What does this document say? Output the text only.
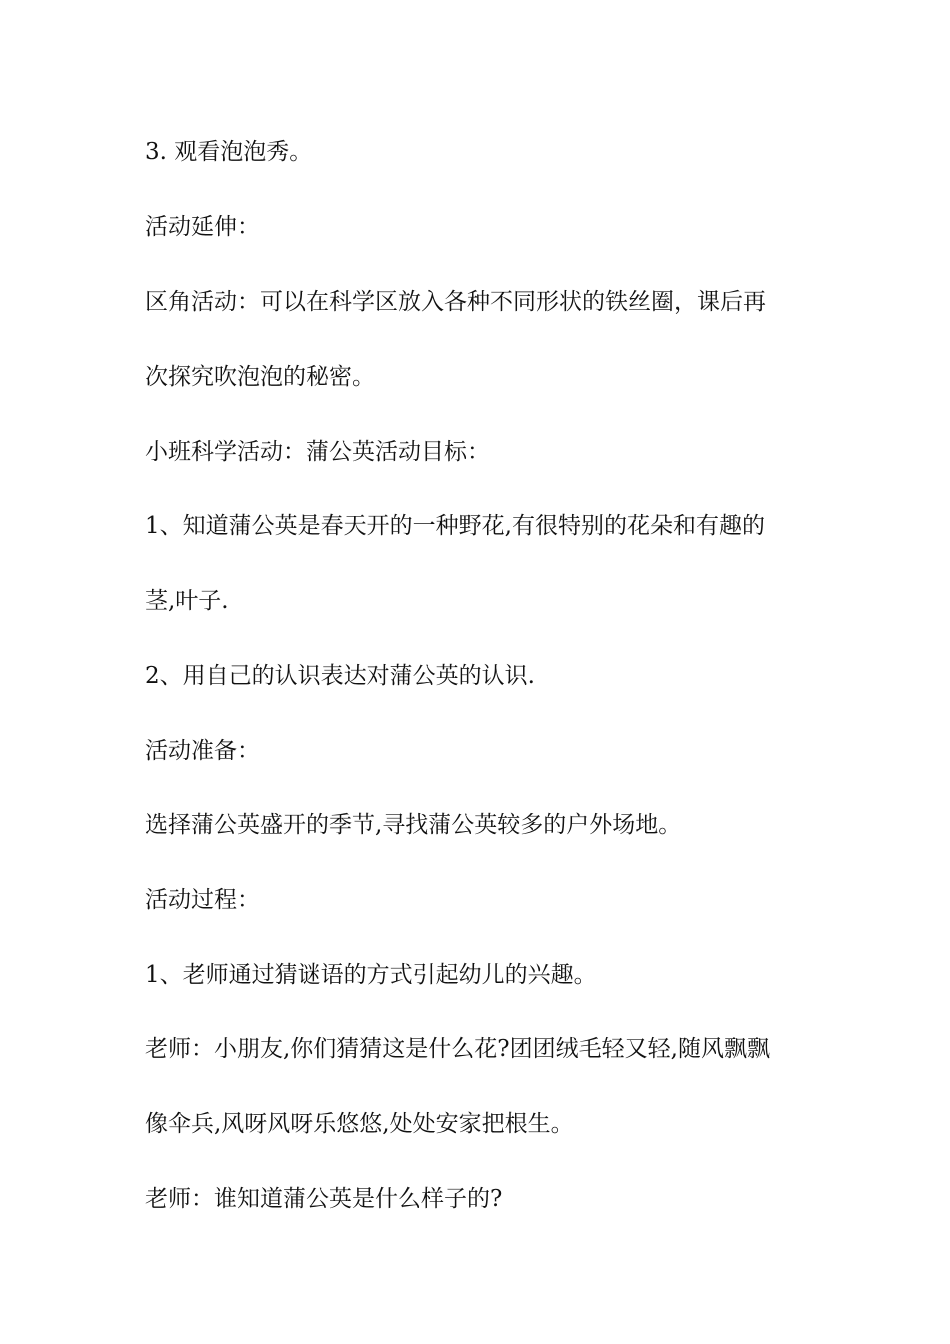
3. 观看泡泡秀。
活动延伸：
区角活动：可以在科学区放入各种不同形状的铁丝圈，课后再
次探究吹泡泡的秘密。
小班科学活动：蒲公英活动目标：
1、知道蒲公英是春天开的一种野花,有很特别的花朵和有趣的
茎,叶子.
2、用自己的认识表达对蒲公英的认识.
活动准备：
选择蒲公英盛开的季节,寻找蒲公英较多的户外场地。
活动过程：
1、老师通过猜谜语的方式引起幼儿的兴趣。
老师：小朋友,你们猜猜这是什么花?团团绒毛轻又轻,随风飘飘
像伞兵,风呀风呀乐悠悠,处处安家把根生。
老师：谁知道蒲公英是什么样子的?
